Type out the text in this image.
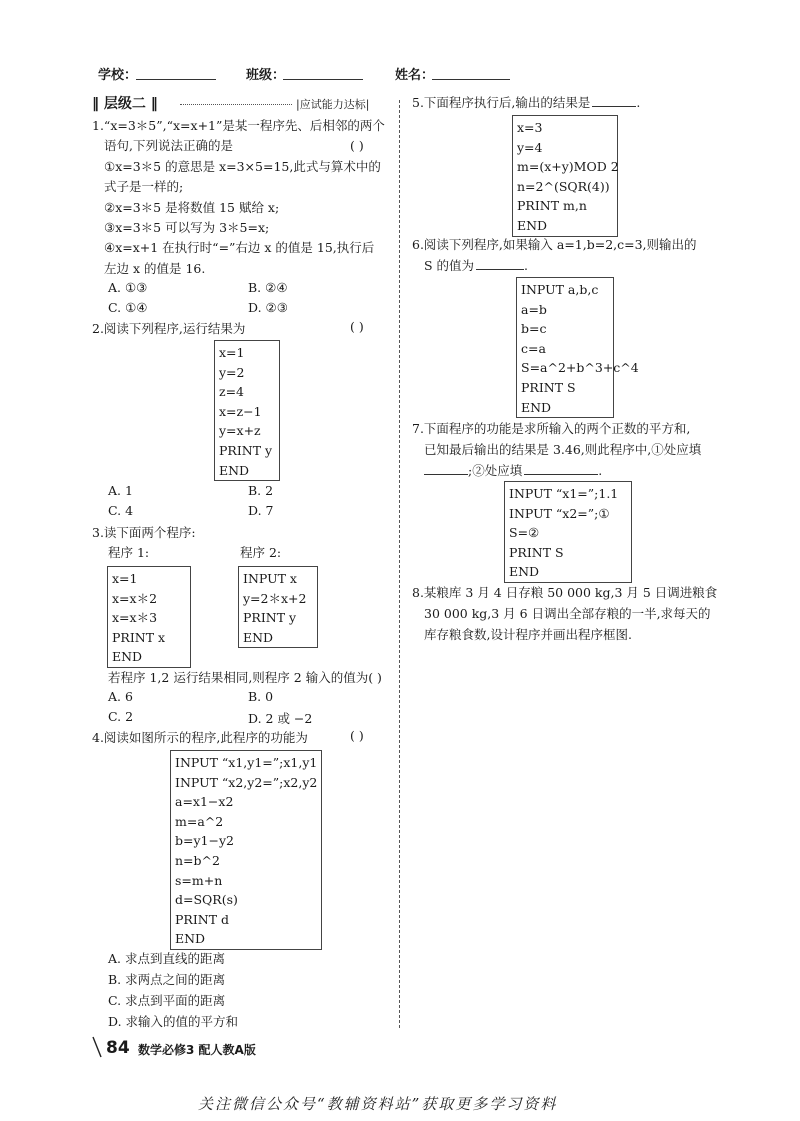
学校：	班级：	姓名：
‖ 层级二 ‖	|应试能力达标|
1.“x=3＊5”,“x=x+1”是某一程序先、后相邻的两个
语句,下列说法正确的是
①x=3＊5 的意思是 x=3×5=15,此式与算术中的
式子是一样的;
②x=3＊5 是将数值 15 赋给 x;
③x=3＊5 可以写为 3＊5=x;
④x=x+1 在执行时“=”右边 x 的值是 15,执行后
左边 x 的值是 16.
( )
A. ①③	B. ②④
C. ①④	D. ②③
2.阅读下列程序,运行结果为	( )
x=1
y=2
z=4
x=z−1
y=x+z
PRINT y
END
A. 1	B. 2
C. 4	D. 7
3.读下面两个程序:
程序 1:	程序 2:
x=1
x=x＊2
x=x＊3
PRINT x
END
INPUT x
y=2＊x+2
PRINT y
END
若程序 1,2 运行结果相同,则程序 2 输入的值为( )
A. 6	B. 0
C. 2	D. 2 或 −2
4.阅读如图所示的程序,此程序的功能为	( )
INPUT “x1,y1=”;x1,y1
INPUT “x2,y2=”;x2,y2
a=x1−x2
m=a^2
b=y1−y2
n=b^2
s=m+n
d=SQR(s)
PRINT d
END
A. 求点到直线的距离
B. 求两点之间的距离
C. 求点到平面的距离
D. 求输入的值的平方和
5.下面程序执行后,输出的结果是	.
x=3
y=4
m=(x+y)MOD 2
n=2^(SQR(4))
PRINT m,n
END
6.阅读下列程序,如果输入 a=1,b=2,c=3,则输出的
S 的值为	.
INPUT a,b,c
a=b
b=c
c=a
S=a^2+b^3+c^4
PRINT S
END
7.下面程序的功能是求所输入的两个正数的平方和,
已知最后输出的结果是 3.46,则此程序中,①处应填
;②处应填	.
INPUT “x1=”;1.1
INPUT “x2=”;①
S=②
PRINT S
END
8.某粮库 3 月 4 日存粮 50 000 kg,3 月 5 日调进粮食
30 000 kg,3 月 6 日调出全部存粮的一半,求每天的
库存粮食数,设计程序并画出程序框图.
84 数学必修3 配人教A版
关注微信公众号“教辅资料站”获取更多学习资料
